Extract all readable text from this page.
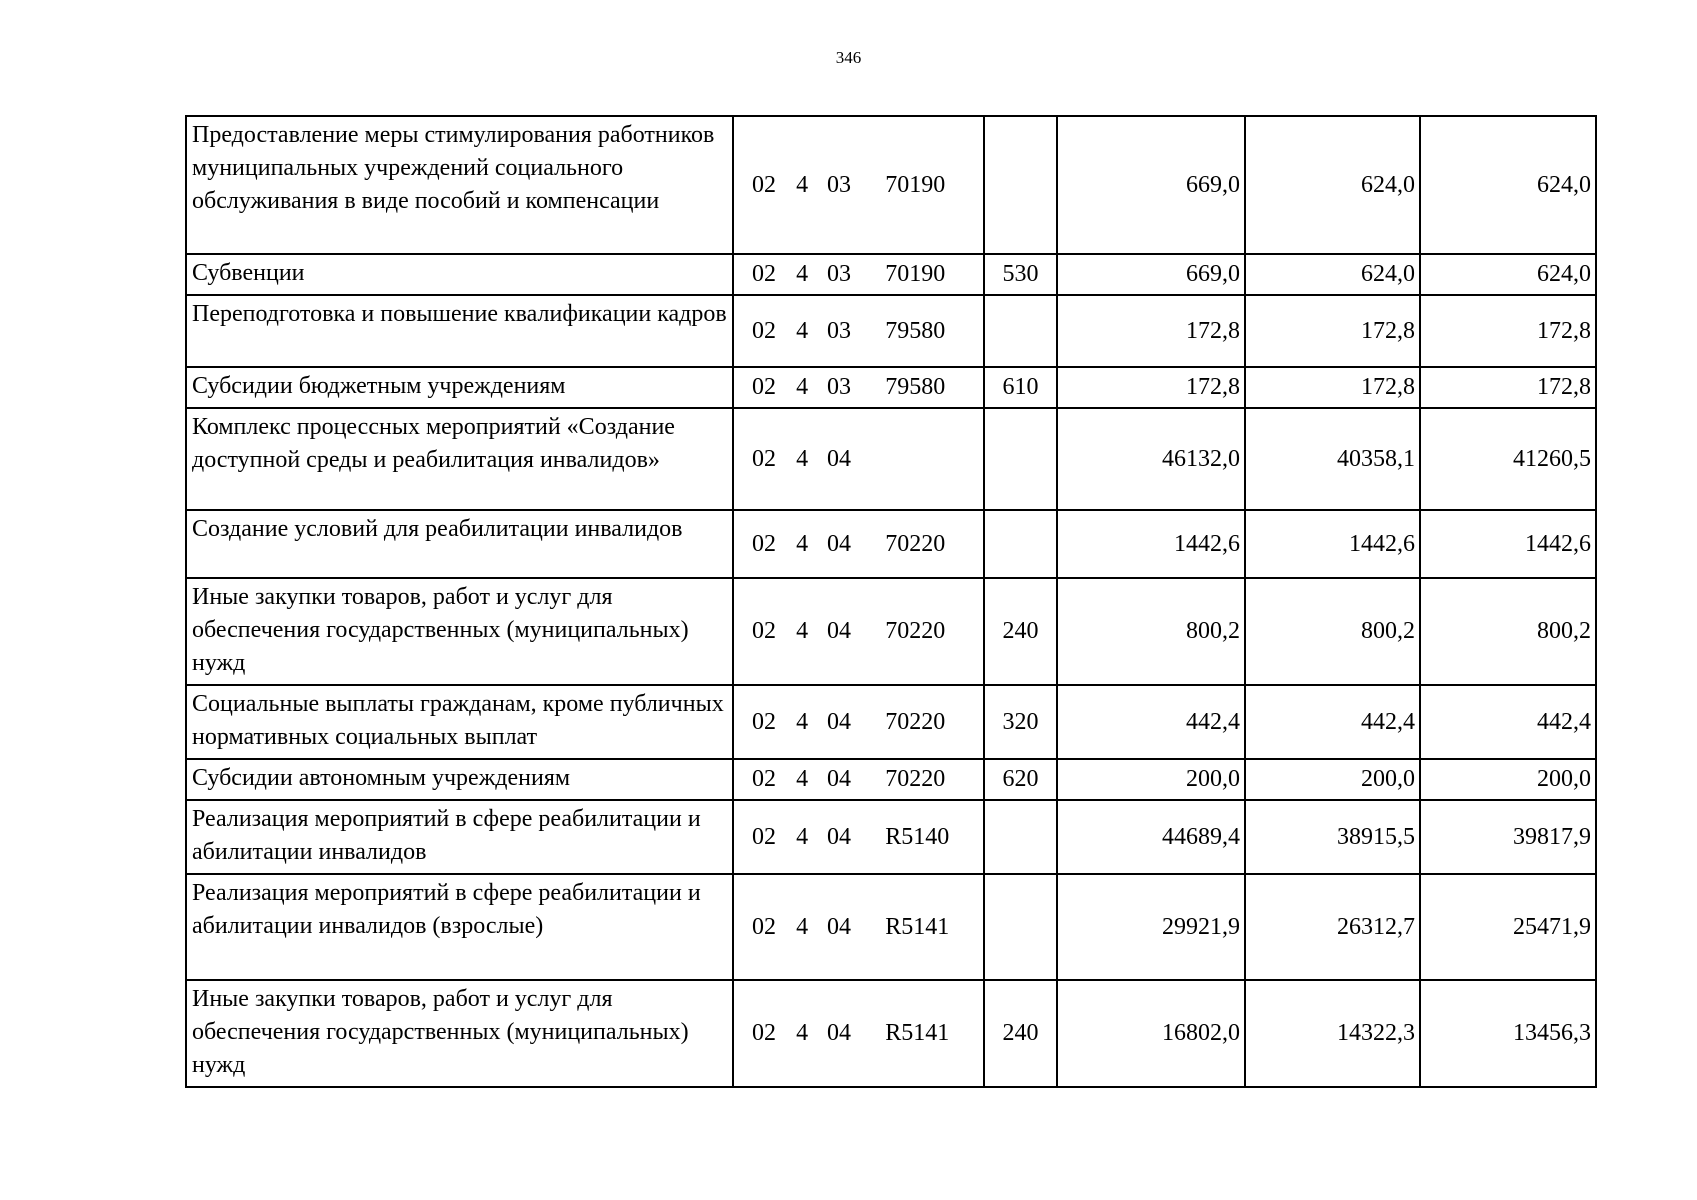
346
Предоставление меры стимулирования работников муниципальных учреждений социального обслуживания в виде пособий и компенсации	02 4 03 70190		669,0	624,0	624,0
Субвенции	02 4 03 70190	530	669,0	624,0	624,0
Переподготовка и повышение квалификации кадров	02 4 03 79580		172,8	172,8	172,8
Субсидии бюджетным учреждениям	02 4 03 79580	610	172,8	172,8	172,8
Комплекс процессных мероприятий «Создание доступной среды и реабилитация инвалидов»	02 4 04		46132,0	40358,1	41260,5
Создание условий для реабилитации инвалидов	02 4 04 70220		1442,6	1442,6	1442,6
Иные закупки товаров, работ и услуг для обеспечения государственных (муниципальных) нужд	02 4 04 70220	240	800,2	800,2	800,2
Социальные выплаты гражданам, кроме публичных нормативных социальных выплат	02 4 04 70220	320	442,4	442,4	442,4
Субсидии автономным учреждениям	02 4 04 70220	620	200,0	200,0	200,0
Реализация мероприятий в сфере реабилитации и абилитации инвалидов	02 4 04 R5140		44689,4	38915,5	39817,9
Реализация мероприятий в сфере реабилитации и абилитации инвалидов (взрослые)	02 4 04 R5141		29921,9	26312,7	25471,9
Иные закупки товаров, работ и услуг для обеспечения государственных (муниципальных) нужд	02 4 04 R5141	240	16802,0	14322,3	13456,3
